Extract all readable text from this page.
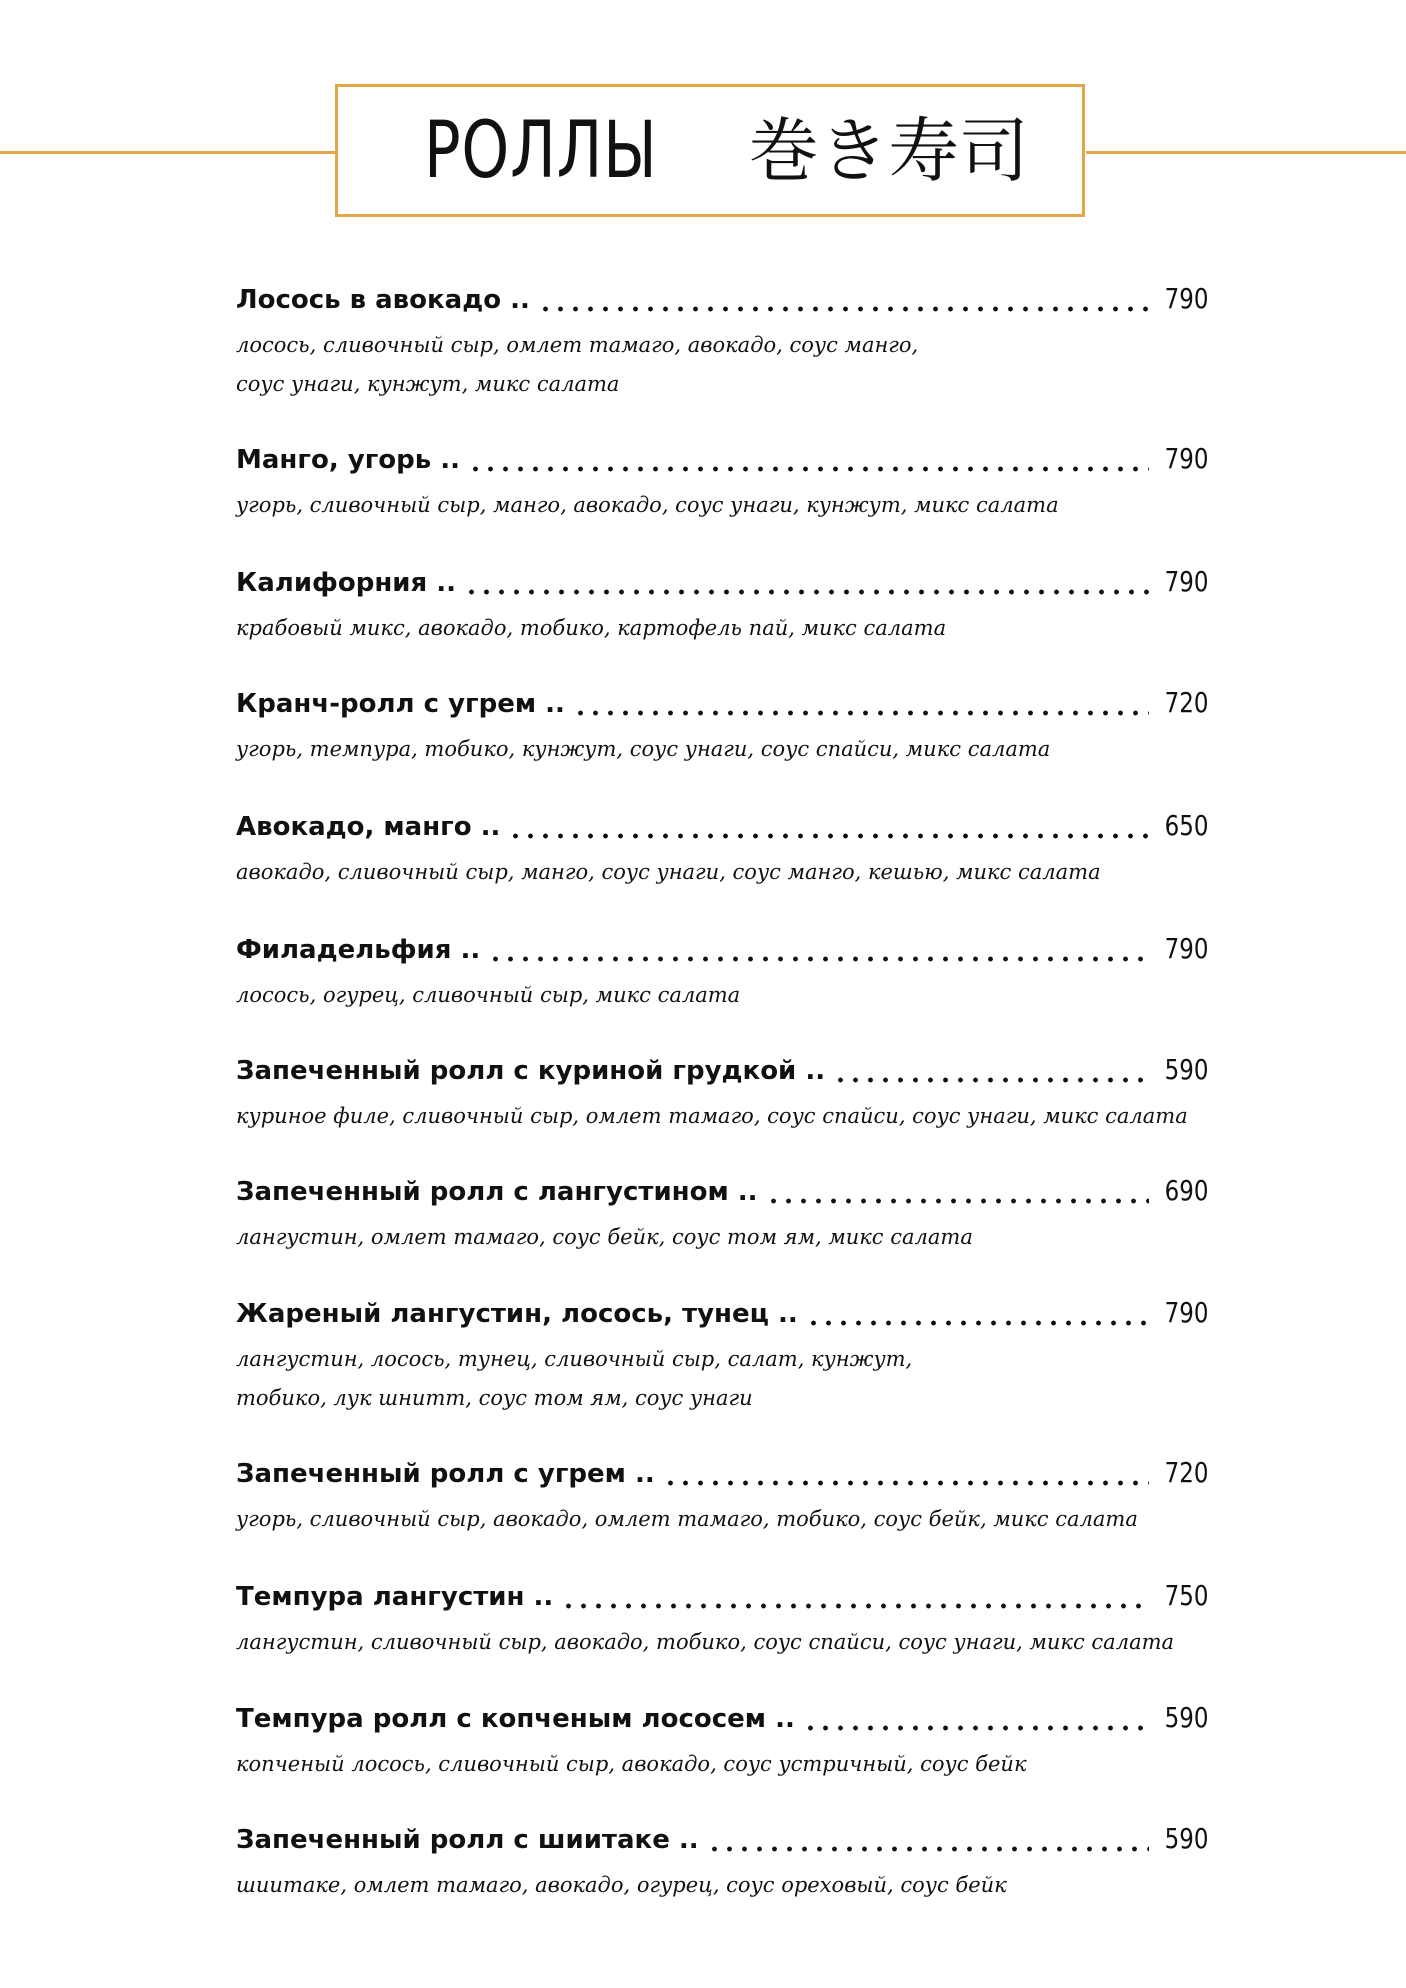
РОЛЛЫ 巻き寿司
Лосось в авокадо ..	790
лосось, сливочный сыр, омлет тамаго, авокадо, соус манго,
соус унаги, кунжут, микс салата
Манго, угорь ..	790
угорь, сливочный сыр, манго, авокадо, соус унаги, кунжут, микс салата
Калифорния ..	790
крабовый микс, авокадо, тобико, картофель пай, микс салата
Кранч-ролл с угрем ..	720
угорь, темпура, тобико, кунжут, соус унаги, соус спайси, микс салата
Авокадо, манго ..	650
авокадо, сливочный сыр, манго, соус унаги, соус манго, кешью, микс салата
Филадельфия ..	790
лосось, огурец, сливочный сыр, микс салата
Запеченный ролл с куриной грудкой ..	590
куриное филе, сливочный сыр, омлет тамаго, соус спайси, соус унаги, микс салата
Запеченный ролл с лангустином ..	690
лангустин, омлет тамаго, соус бейк, соус том ям, микс салата
Жареный лангустин, лосось, тунец ..	790
лангустин, лосось, тунец, сливочный сыр, салат, кунжут,
тобико, лук шнитт, соус том ям, соус унаги
Запеченный ролл с угрем ..	720
угорь, сливочный сыр, авокадо, омлет тамаго, тобико, соус бейк, микс салата
Темпура лангустин ..	750
лангустин, сливочный сыр, авокадо, тобико, соус спайси, соус унаги, микс салата
Темпура ролл с копченым лососем ..	590
копченый лосось, сливочный сыр, авокадо, соус устричный, соус бейк
Запеченный ролл с шиитаке ..	590
шиитаке, омлет тамаго, авокадо, огурец, соус ореховый, соус бейк
